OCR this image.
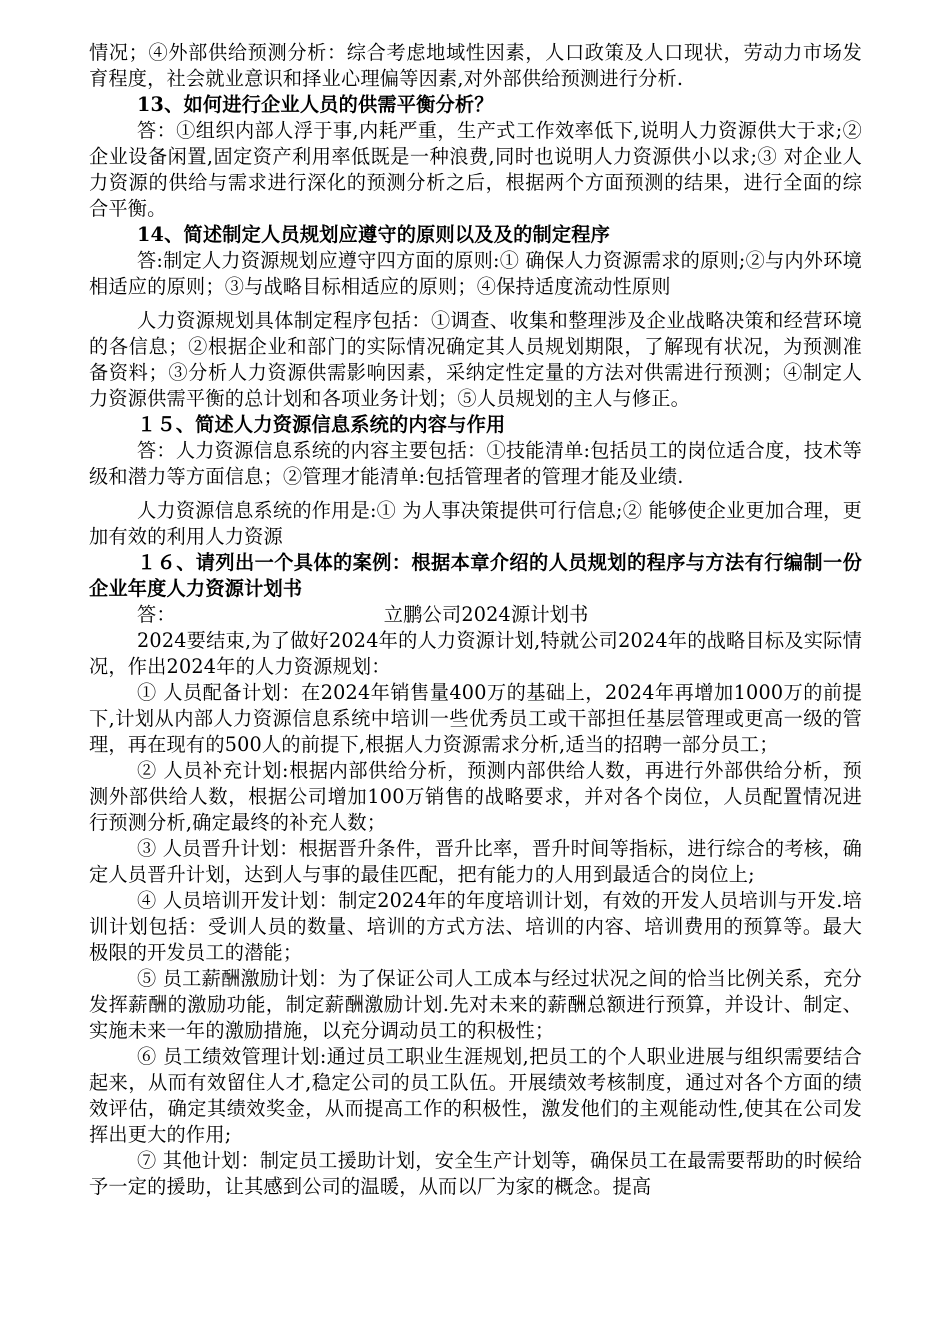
情况；④外部供给预测分析：综合考虑地域性因素，人口政策及人口现状，劳动力市场发育程度，社会就业意识和择业心理偏等因素,对外部供给预测进行分析.

13、如何进行企业人员的供需平衡分析？

答：①组织内部人浮于事,内耗严重，生产式工作效率低下,说明人力资源供大于求;② 企业设备闲置,固定资产利用率低既是一种浪费,同时也说明人力资源供小以求;③ 对企业人力资源的供给与需求进行深化的预测分析之后，根据两个方面预测的结果，进行全面的综合平衡。

14、简述制定人员规划应遵守的原则以及及的制定程序

答:制定人力资源规划应遵守四方面的原则:① 确保人力资源需求的原则;②与内外环境相适应的原则；③与战略目标相适应的原则；④保持适度流动性原则

人力资源规划具体制定程序包括：①调查、收集和整理涉及企业战略决策和经营环境的各信息；②根据企业和部门的实际情况确定其人员规划期限，了解现有状况，为预测准备资料；③分析人力资源供需影响因素，采纳定性定量的方法对供需进行预测；④制定人力资源供需平衡的总计划和各项业务计划；⑤人员规划的主人与修正。

１５、简述人力资源信息系统的内容与作用

答：人力资源信息系统的内容主要包括：①技能清单:包括员工的岗位适合度，技术等级和潜力等方面信息；②管理才能清单:包括管理者的管理才能及业绩.

人力资源信息系统的作用是:① 为人事决策提供可行信息;② 能够使企业更加合理，更加有效的利用人力资源

１６、请列出一个具体的案例：根据本章介绍的人员规划的程序与方法有行编制一份企业年度人力资源计划书

答：	立鹏公司2024源计划书

2024要结束,为了做好2024年的人力资源计划,特就公司2024年的战略目标及实际情况，作出2024年的人力资源规划：

① 人员配备计划：在2024年销售量400万的基础上，2024年再增加1000万的前提下,计划从内部人力资源信息系统中培训一些优秀员工或干部担任基层管理或更高一级的管理，再在现有的500人的前提下,根据人力资源需求分析,适当的招聘一部分员工；

② 人员补充计划:根据内部供给分析，预测内部供给人数，再进行外部供给分析，预测外部供给人数，根据公司增加100万销售的战略要求，并对各个岗位，人员配置情况进行预测分析,确定最终的补充人数；

③ 人员晋升计划：根据晋升条件，晋升比率，晋升时间等指标，进行综合的考核，确定人员晋升计划，达到人与事的最佳匹配，把有能力的人用到最适合的岗位上;

④ 人员培训开发计划：制定2024年的年度培训计划，有效的开发人员培训与开发.培训计划包括：受训人员的数量、培训的方式方法、培训的内容、培训费用的预算等。最大极限的开发员工的潜能；

⑤ 员工薪酬激励计划：为了保证公司人工成本与经过状况之间的恰当比例关系，充分发挥薪酬的激励功能，制定薪酬激励计划.先对未来的薪酬总额进行预算，并设计、制定、实施未来一年的激励措施，以充分调动员工的积极性；

⑥ 员工绩效管理计划:通过员工职业生涯规划,把员工的个人职业进展与组织需要结合起来，从而有效留住人才,稳定公司的员工队伍。开展绩效考核制度，通过对各个方面的绩效评估，确定其绩效奖金，从而提高工作的积极性，激发他们的主观能动性,使其在公司发挥出更大的作用;

⑦ 其他计划：制定员工援助计划，安全生产计划等，确保员工在最需要帮助的时候给予一定的援助，让其感到公司的温暖，从而以厂为家的概念。提高
